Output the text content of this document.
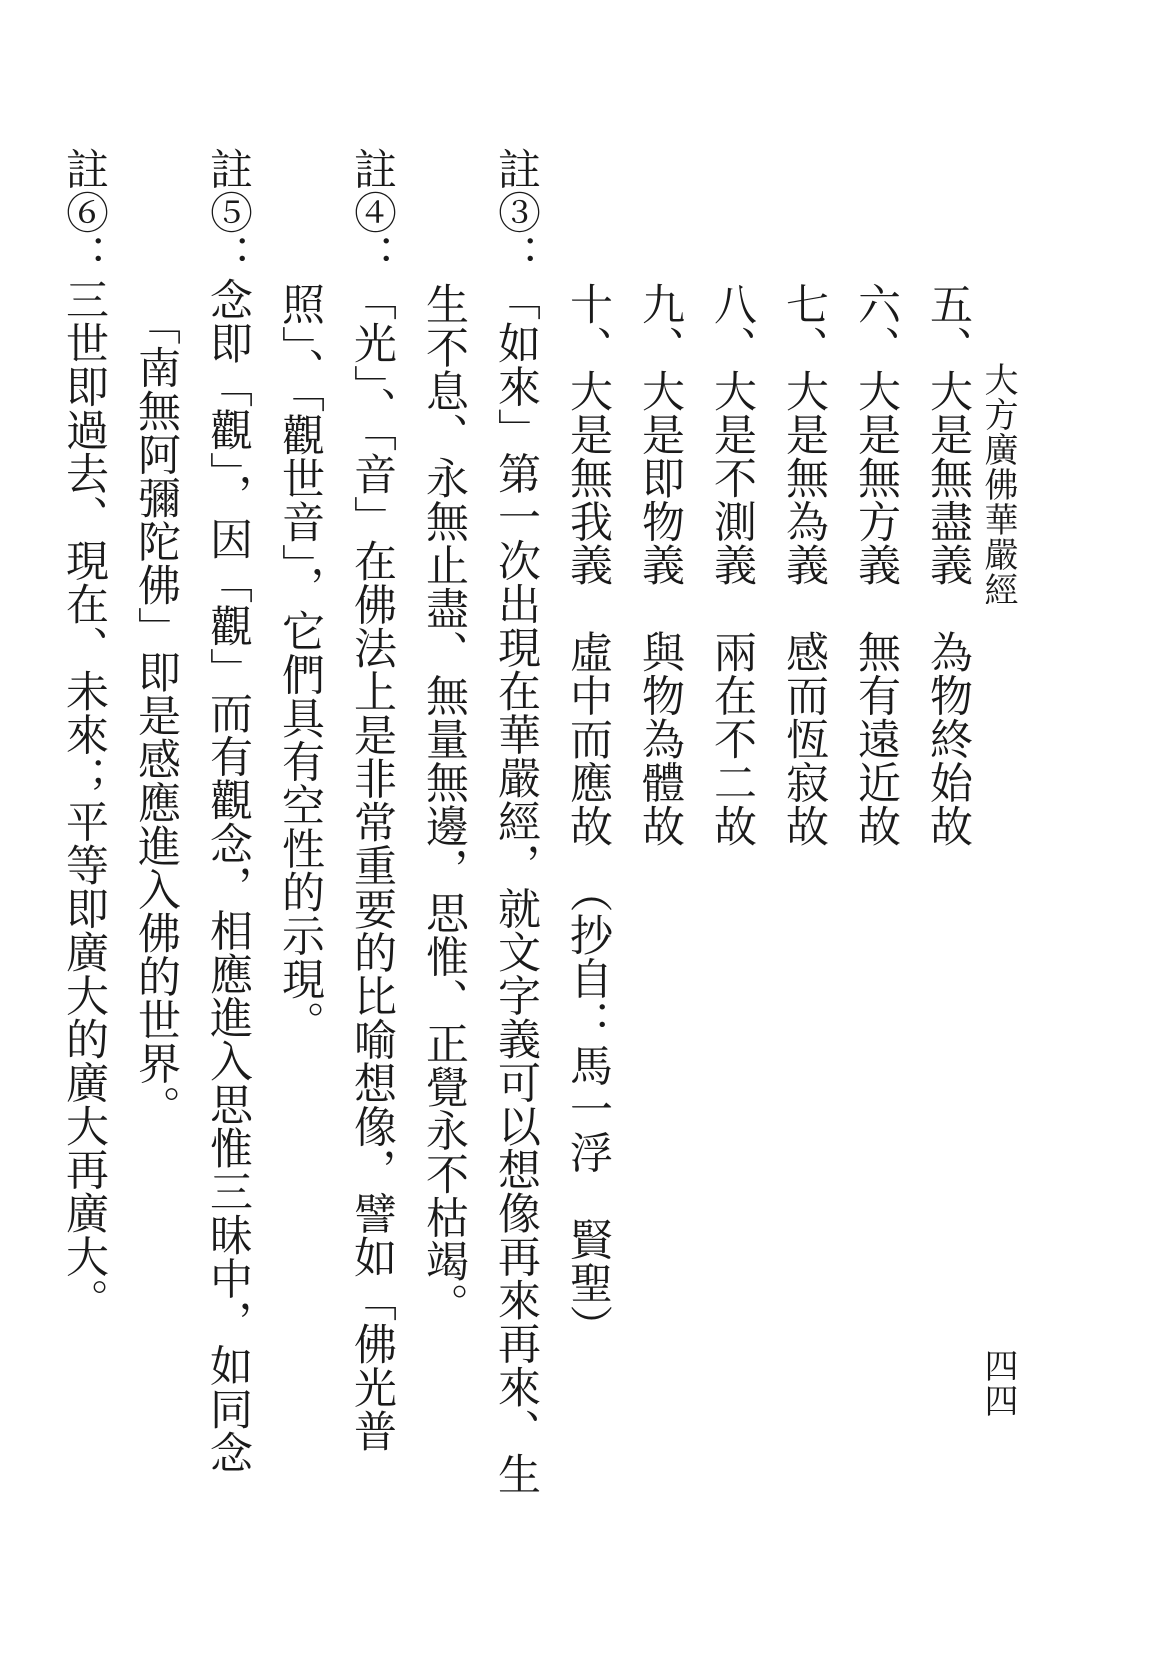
大方廣佛華嚴經
四四
五、大是無盡義　為物終始故
六、大是無方義　無有遠近故
七、大是無為義　感而恆寂故
八、大是不測義　兩在不二故
九、大是即物義　與物為體故
十、大是無我義　虛中而應故　（抄自：馬一浮　賢聖）
註③：「如來」第一次出現在華嚴經，就文字義可以想像再來再來、生
生不息、永無止盡、無量無邊，思惟、正覺永不枯竭。
註④：「光」、「音」在佛法上是非常重要的比喻想像，譬如「佛光普
照」、「觀世音」，它們具有空性的示現。
註⑤：念即「觀」，因「觀」而有觀念，相應進入思惟三昧中，如同念
「南無阿彌陀佛」即是感應進入佛的世界。
註⑥：三世即過去、現在、未來；平等即廣大的廣大再廣大。
